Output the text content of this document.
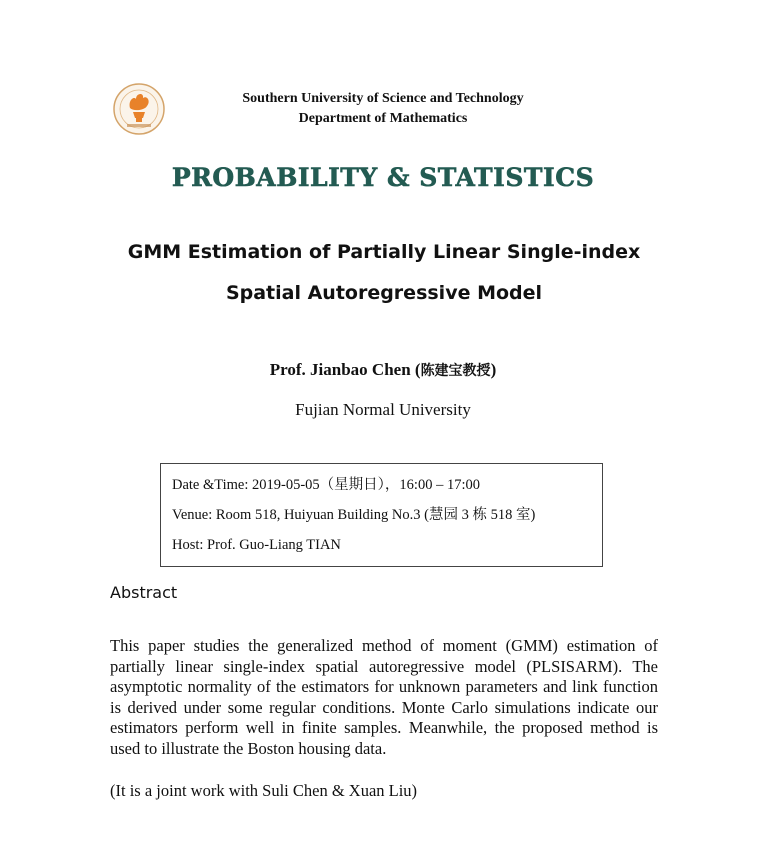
Southern University of Science and Technology
Department of Mathematics
PROBABILITY & STATISTICS
GMM Estimation of Partially Linear Single-index
Spatial Autoregressive Model
Prof. Jianbao Chen (陈建宝教授)
Fujian Normal University
Date &Time: 2019-05-05（星期日），16:00 – 17:00
Venue: Room 518, Huiyuan Building No.3 (慧园 3 栋 518 室)
Host: Prof. Guo-Liang TIAN
Abstract
This paper studies the generalized method of moment (GMM) estimation of partially linear single-index spatial autoregressive model (PLSISARM). The asymptotic normality of the estimators for unknown parameters and link function is derived under some regular conditions. Monte Carlo simulations indicate our estimators perform well in finite samples. Meanwhile, the proposed method is used to illustrate the Boston housing data.
(It is a joint work with Suli Chen & Xuan Liu)
